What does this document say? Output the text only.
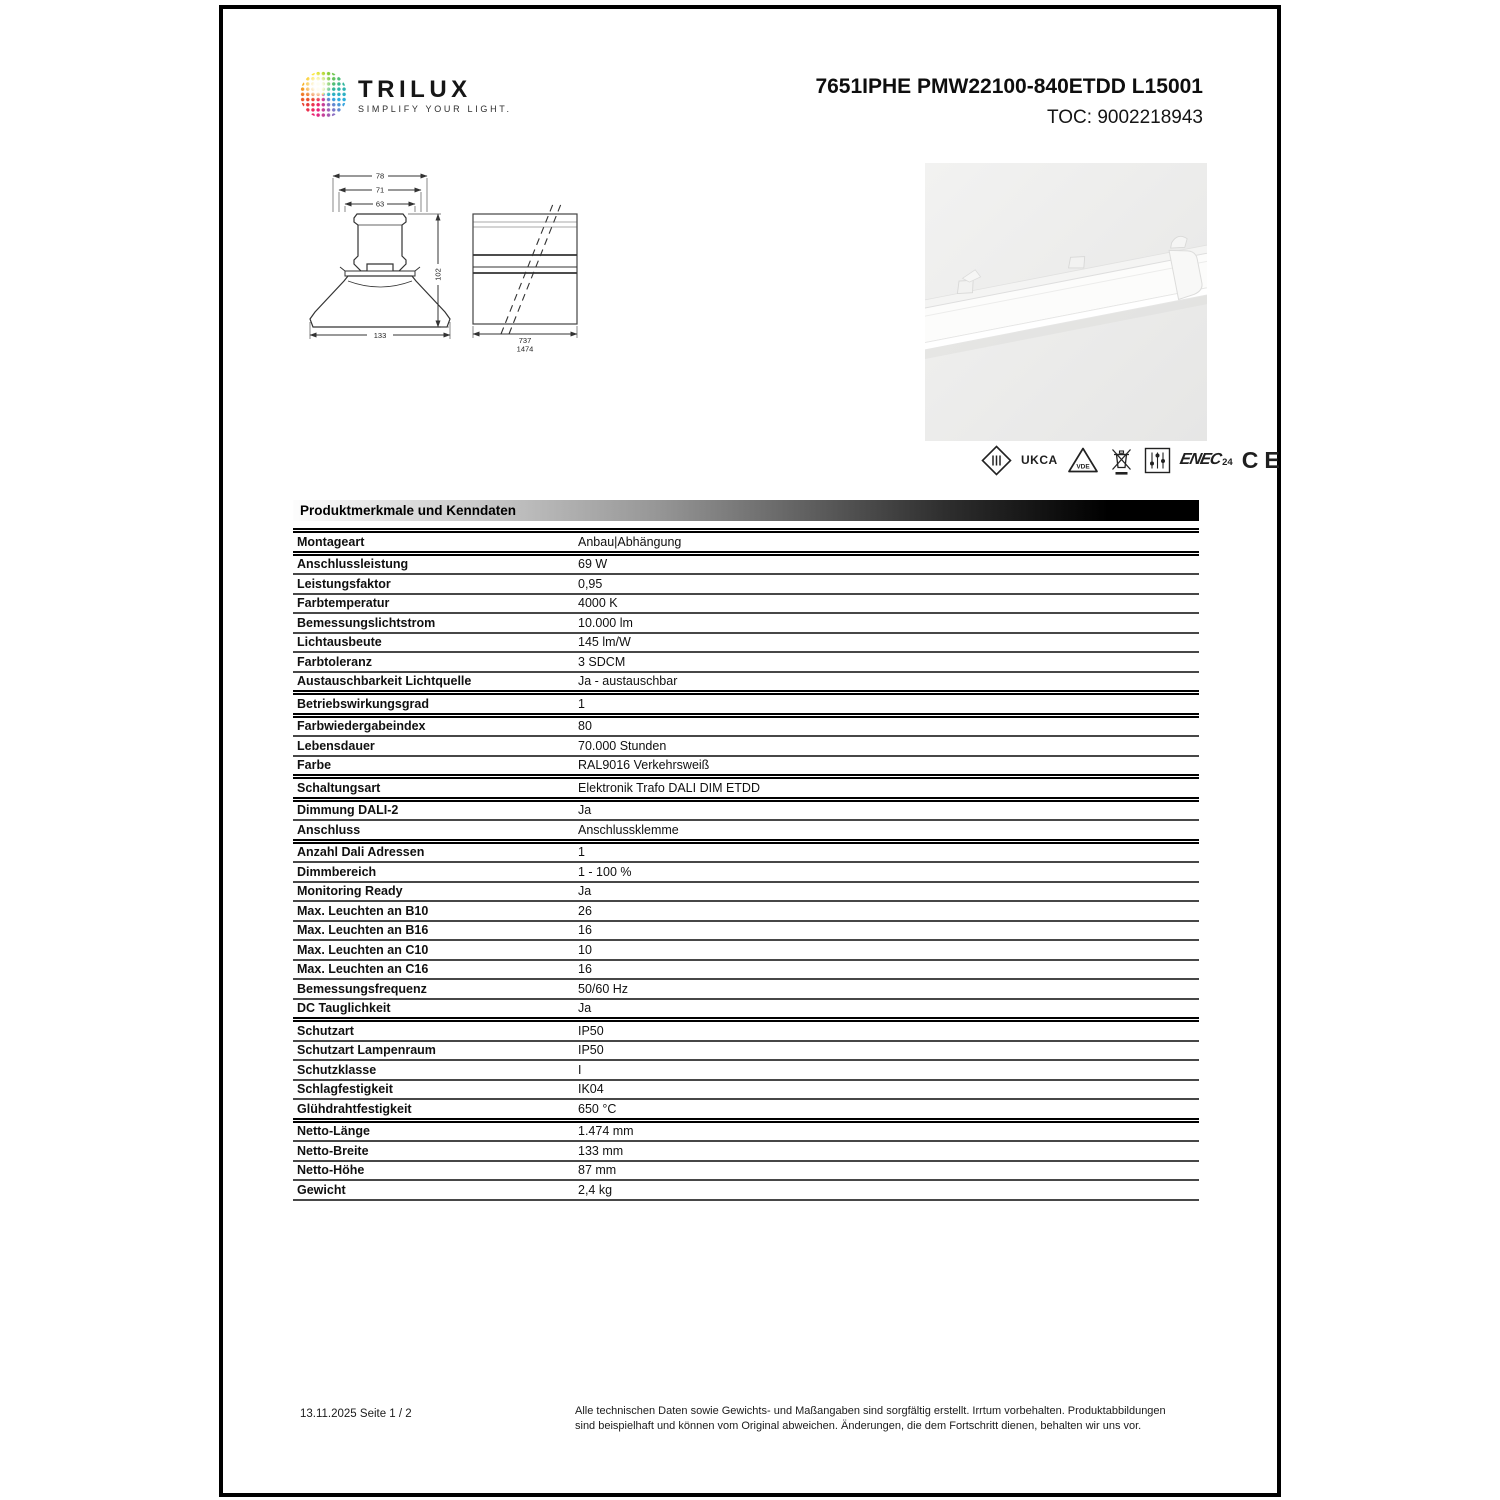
TRILUX
SIMPLIFY YOUR LIGHT.
7651IPHE PMW22100-840ETDD L15001
TOC: 9002218943
78
71
63
102
133
737
1474
UK CA	VDE	ENEC 24 CE
Produktmerkmale und Kenndaten
Montageart	Anbau|Abhängung
Anschlussleistung	69 W
Leistungsfaktor	0,95
Farbtemperatur	4000 K
Bemessungslichtstrom	10.000 lm
Lichtausbeute	145 lm/W
Farbtoleranz	3 SDCM
Austauschbarkeit Lichtquelle	Ja - austauschbar
Betriebswirkungsgrad	1
Farbwiedergabeindex	80
Lebensdauer	70.000 Stunden
Farbe	RAL9016 Verkehrsweiß
Schaltungsart	Elektronik Trafo DALI DIM ETDD
Dimmung DALI-2	Ja
Anschluss	Anschlussklemme
Anzahl Dali Adressen	1
Dimmbereich	1 - 100 %
Monitoring Ready	Ja
Max. Leuchten an B10	26
Max. Leuchten an B16	16
Max. Leuchten an C10	10
Max. Leuchten an C16	16
Bemessungsfrequenz	50/60 Hz
DC Tauglichkeit	Ja
Schutzart	IP50
Schutzart Lampenraum	IP50
Schutzklasse	I
Schlagfestigkeit	IK04
Glühdrahtfestigkeit	650 °C
Netto-Länge	1.474 mm
Netto-Breite	133 mm
Netto-Höhe	87 mm
Gewicht	2,4 kg
13.11.2025 Seite 1 / 2	Alle technischen Daten sowie Gewichts- und Maßangaben sind sorgfältig erstellt. Irrtum vorbehalten. Produktabbildungen sind beispielhaft und können vom Original abweichen. Änderungen, die dem Fortschritt dienen, behalten wir uns vor.
